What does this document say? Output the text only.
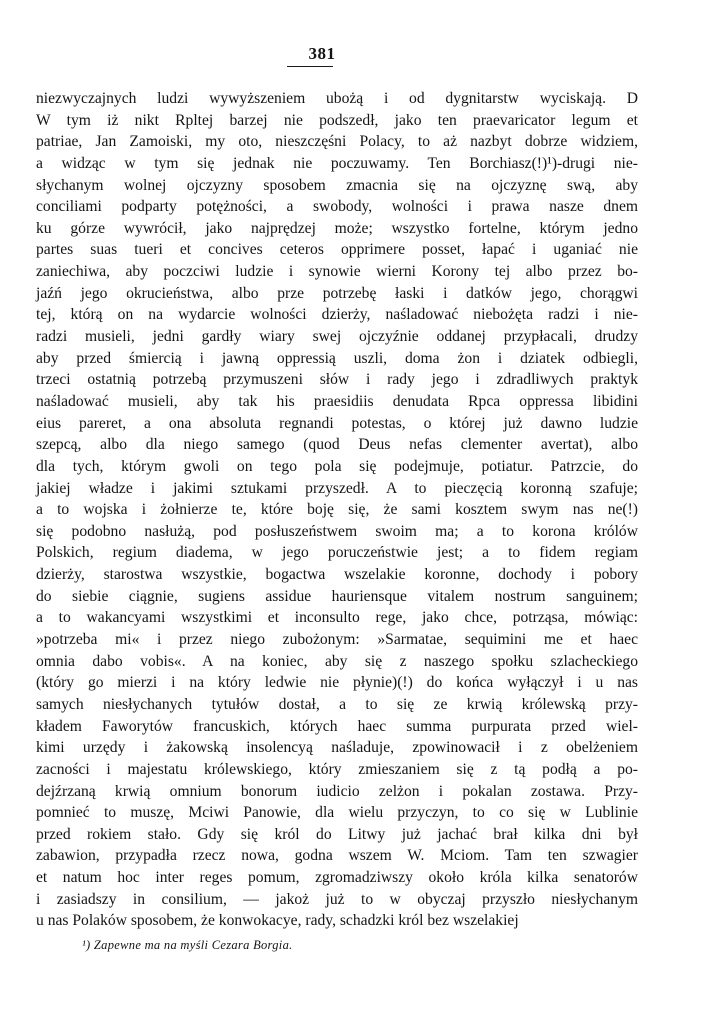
381
niezwyczajnych ludzi wywyższeniem ubożą i od dygnitarstw wyciskają. D
W tym iż nikt Rpltej barzej nie podszedł, jako ten praevaricator legum et
patriae, Jan Zamoiski, my oto, nieszczęśni Polacy, to aż nazbyt dobrze widziem,
a widząc w tym się jednak nie poczuwamy. Ten Borchiasz(!)¹)-drugi nie-
słychanym wolnej ojczyzny sposobem zmacnia się na ojczyznę swą, aby
conciliami podparty potężności, a swobody, wolności i prawa nasze dnem
ku górze wywrócił, jako najprędzej może; wszystko fortelne, którym jedno
partes suas tueri et concives ceteros opprimere posset, łapać i uganiać nie
zaniechiwa, aby poczciwi ludzie i synowie wierni Korony tej albo przez bo-
jaźń jego okrucieństwa, albo prze potrzebę łaski i datków jego, chorągwi
tej, którą on na wydarcie wolności dzierży, naśladować niebożęta radzi i nie-
radzi musieli, jedni gardły wiary swej ojczyźnie oddanej przypłacali, drudzy
aby przed śmiercią i jawną oppressią uszli, doma żon i dziatek odbiegli,
trzeci ostatnią potrzebą przymuszeni słów i rady jego i zdradliwych praktyk
naśladować musieli, aby tak his praesidiis denudata Rpca oppressa libidini
eius pareret, a ona absoluta regnandi potestas, o której już dawno ludzie
szepcą, albo dla niego samego (quod Deus nefas clementer avertat), albo
dla tych, którym gwoli on tego pola się podejmuje, potiatur. Patrzcie, do
jakiej władze i jakimi sztukami przyszedł. A to pieczęcią koronną szafuje;
a to wojska i żołnierze te, które boję się, że sami kosztem swym nas ne(!)
się podobno nasłużą, pod posłuszeństwem swoim ma; a to korona królów
Polskich, regium diadema, w jego poruczeństwie jest; a to fidem regiam
dzierży, starostwa wszystkie, bogactwa wszelakie koronne, dochody i pobory
do siebie ciągnie, sugiens assidue hauriensque vitalem nostrum sanguinem;
a to wakancyami wszystkimi et inconsulto rege, jako chce, potrząsa, mówiąc:
»potrzeba mi« i przez niego zubożonym: »Sarmatae, sequimini me et haec
omnia dabo vobis«. A na koniec, aby się z naszego społku szlacheckiego
(który go mierzi i na który ledwie nie płynie)(!) do końca wyłączył i u nas
samych niesłychanych tytułów dostał, a to się ze krwią królewską przy-
kładem Faworytów francuskich, których haec summa purpurata przed wiel-
kimi urzędy i żakowską insolencyą naśladuje, zpowinowacił i z obelżeniem
zacności i majestatu królewskiego, który zmieszaniem się z tą podłą a po-
dejźrzaną krwią omnium bonorum iudicio zelżon i pokalan zostawa. Przy-
pomnieć to muszę, Mciwi Panowie, dla wielu przyczyn, to co się w Lublinie
przed rokiem stało. Gdy się król do Litwy już jachać brał kilka dni był
zabawion, przypadła rzecz nowa, godna wszem W. Mciom. Tam ten szwagier
et natum hoc inter reges pomum, zgromadziwszy około króla kilka senatorów
i zasiadszy in consilium, — jakoż już to w obyczaj przyszło niesłychanym
u nas Polaków sposobem, że konwokacye, rady, schadzki król bez wszelakiej
¹) Zapewne ma na myśli Cezara Borgia.
